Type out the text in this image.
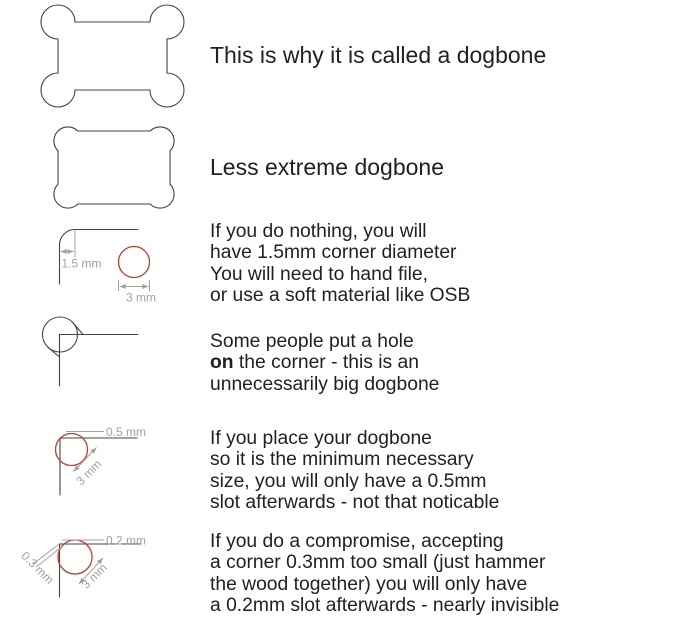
This is why it is called a dogbone
Less extreme dogbone
1.5 mm
3 mm
If you do nothing, you will
have 1.5mm corner diameter
You will need to hand file,
or use a soft material like OSB
Some people put a hole
on the corner - this is an
unnecessarily big dogbone
0.5 mm
3 mm
If you place your dogbone
so it is the minimum necessary
size, you will only have a 0.5mm
slot afterwards - not that noticable
0.2 mm
0.3 mm 3 mm
If you do a compromise, accepting
a corner 0.3mm too small (just hammer
the wood together) you will only have
a 0.2mm slot afterwards - nearly invisible
